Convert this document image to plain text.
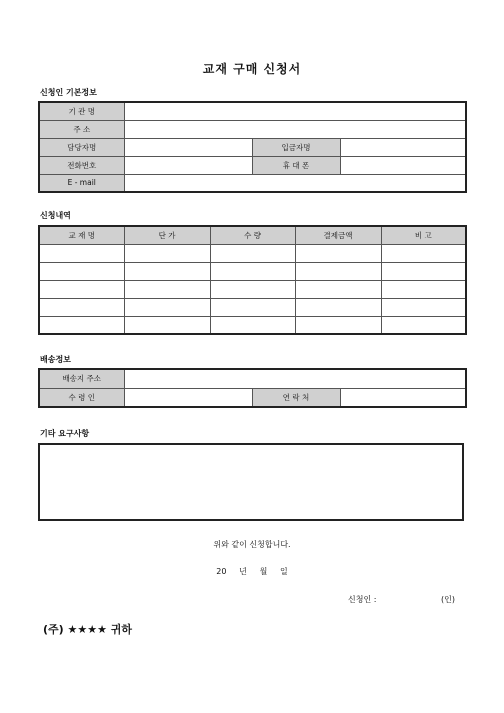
교재 구매 신청서
신청인 기본정보
기 관 명			
주 소			
담당자명		입금자명	
전화번호		휴 대 폰	
E - mail			
신청내역
교 재 명	단 가	수 량	결제금액	비 고

배송정보
배송지 주소			
수 령 인		연 락 처	
기타 요구사항
위와 같이 신청합니다.
20     년     월     일
신청인 :	(인)
(주) ★★★★ 귀하
